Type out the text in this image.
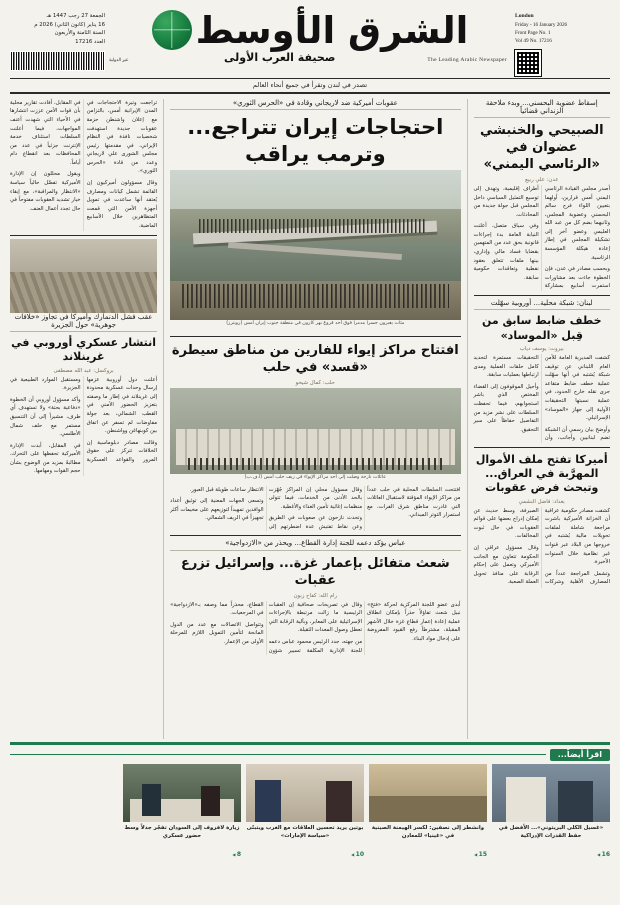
London
Friday - 16 January 2026
Front Page No. 1
Vol 49 No. 17216
الشرق الأوسط
The Leading Arabic Newspaper
صحيفة العرب الأولى
غير الدولية
الجمعة 27 رجب 1447 هـ
16 يناير (كانون الثاني) 2026 م
السنة الثامنة والأربعون
العدد 17216
تصدر في لندن وتقرأ في جميع أنحاء العالم
إسقاط عضوية البحسني... وبدء ملاحقة الزنداني قضائياً
الصبيحي والخنبشي عضوان في «الرئاسي اليمني»
عدن: علي ربيع

أصدر مجلس القيادة الرئاسي اليمني أمس قرارين، أولهما بتعيين اللواء فرج سالم البحسني وعضوية المجلس، وثانيهما بضم كل من عبد الله العليمي وعضو آخر إلى تشكيلة المجلس في إطار إعادة هيكلة المؤسسة الرئاسية.

وبحسب مصادر في عدن، فإن الخطوة جاءت بعد مشاورات استمرت أسابيع بمشاركة أطراف إقليمية، وتهدف إلى توسيع التمثيل السياسي داخل المجلس قبل جولة جديدة من المحادثات.

وفي سياق متصل، أعلنت النيابة العامة بدء إجراءات قانونية بحق عدد من المتهمين بقضايا فساد مالي وإداري، بينها ملفات تتعلق بعقود نفطية وتعاقدات حكومية سابقة.

لبنان: شبكة محلية... أوروبية سهّلت
خطف ضابط سابق من قِبل «الموساد»
بيروت: يوسف دياب

كشفت المديرية العامة للأمن العام اللبناني عن توقيف شبكة يُشتبه في أنها سهّلت عملية خطف ضابط متقاعد جرى نقله خارج الحدود، في عملية نسبتها التحقيقات الأولية إلى جهاز «الموساد» الإسرائيلي.

وأوضح بيان رسمي أن الشبكة تضم لبنانيين وأجانب، وأن التحقيقات مستمرة لتحديد كامل حلقات العملية ومدى ارتباطها بعمليات سابقة.

وأحيل الموقوفون إلى القضاء المختص الذي باشر استجوابهم، فيما تحفظت السلطات على نشر مزيد من التفاصيل حفاظاً على سير التحقيق.

أميركا تفتح ملف الأموال المهرَّبة في العراق... وتبحث فرض عقوبات
بغداد: فاضل النشمي

كشفت مصادر حكومية عراقية أن الخزانة الأميركية باشرت مراجعة شاملة لملفات تحويلات مالية يُشتبه في خروجها من البلاد عبر قنوات غير نظامية خلال السنوات الأخيرة.

وتشمل المراجعة عدداً من المصارف الأهلية وشركات الصيرفة، وسط حديث عن إمكان إدراج بعضها على قوائم العقوبات في حال ثبوت المخالفات.

وقال مسؤول عراقي إن الحكومة تتعاون مع الجانب الأميركي وتعمل على إحكام الرقابة على منافذ تحويل العملة الصعبة.

عقوبات أميركية ضد لاريجاني وقادة في «الحرس الثوري»
احتجاجات إيران تتراجع... وترمب يراقب
مئات يعبرون جسراً مدمراً فوق أحد فروع نهر كارون في منطقة جنوب إيران أمس (رويترز)
افتتاح مراكز إيواء للفارين من مناطق سيطرة «قسد» في حلب
حلب: كمال شيخو
عائلات نازحة وصلت إلى أحد مراكز الإيواء في ريف حلب أمس (أ.ف.ب)

افتتحت السلطات المحلية في حلب عدداً من مراكز الإيواء المؤقتة لاستقبال العائلات التي غادرت مناطق شرق الفرات، مع استمرار التوتر الميداني.

وقال مسؤول محلي إن المراكز جُهّزت بالحد الأدنى من الخدمات، فيما تتولى منظمات إغاثية تأمين الغذاء والأغطية.

وتحدث نازحون عن صعوبات في الطريق وعن نقاط تفتيش عدة اضطرتهم إلى الانتظار ساعات طويلة قبل العبور.

وتسعى الجهات المعنية إلى توثيق أعداد الوافدين تمهيداً لتوزيعهم على مخيمات أكثر تجهيزاً في الريف الشمالي.

عباس يؤكد دعمه للجنة إدارة القطاع... ويحذر من «الازدواجية»
شعث متفائل بإعمار غزة... وإسرائيل تزرع عقبات
رام الله: كفاح زبون

أبدى عضو اللجنة المركزية لحركة «فتح» نبيل شعث تفاؤلاً حذراً بإمكان انطلاق عملية إعادة إعمار قطاع غزة خلال الأشهر المقبلة، مشترطاً رفع القيود المفروضة على إدخال مواد البناء.

وقال في تصريحات صحافية إن العقبات الرئيسية ما زالت مرتبطة بالإجراءات الإسرائيلية على المعابر، وبآلية الرقابة التي تعطل وصول المعدات الثقيلة.

من جهته، جدد الرئيس محمود عباس دعمه للجنة الإدارية المكلفة تسيير شؤون القطاع، محذراً مما وصفه بـ«الازدواجية» في المرجعيات.

وتتواصل الاتصالات مع عدد من الدول المانحة لتأمين التمويل اللازم للمرحلة الأولى من الإعمار.

تراجعت وتيرة الاحتجاجات في المدن الإيرانية أمس، بالتزامن مع إعلان واشنطن حزمة عقوبات جديدة استهدفت شخصيات نافذة في النظام الإيراني، في مقدمتها رئيس مجلس الشورى علي لاريجاني وعدد من قادة «الحرس الثوري».

وقال مسؤولون أميركيون إن القائمة تشمل كيانات ومصارف يُعتقد أنها ساعدت في تمويل أجهزة الأمن التي قمعت المتظاهرين خلال الأسابيع الماضية.

في المقابل، أفادت تقارير محلية بأن قوات الأمن عززت انتشارها في الأحياء التي شهدت أعنف المواجهات، فيما أعلنت السلطات استئناف خدمة الإنترنت جزئياً في عدد من المحافظات بعد انقطاع دام أياماً.

ويقول محللون إن الإدارة الأميركية تفضّل حالياً سياسة «الانتظار والمراقبة»، مع إبقاء خيار تشديد العقوبات مفتوحاً في حال تجدد أعمال العنف.

عقب فشل الدنمارك وأميركا في تجاوز «خلافات جوهرية» حول الجزيرة
انتشار عسكري أوروبي في غرينلاند
بروكسل: عبد الله مصطفى

أعلنت دول أوروبية عزمها إرسال وحدات عسكرية محدودة إلى غرينلاند في إطار ما وصفته بتعزيز الحضور الأمني في القطب الشمالي، بعد جولة مفاوضات لم تسفر عن اتفاق بين كوبنهاغن وواشنطن.

وقالت مصادر دبلوماسية إن الخلافات تتركز على حقوق المرور والقواعد العسكرية ومستقبل الموارد الطبيعية في الجزيرة.

وأكد مسؤول أوروبي أن الخطوة «دفاعية بحتة» ولا تستهدف أي طرف، مشيراً إلى أن التنسيق مستمر مع حلف شمال الأطلسي.

في المقابل، أبدت الإدارة الأميركية تحفظها على التحرك، مطالبةً بمزيد من الوضوح بشأن حجم القوات ومهامها.

اقرأ أيضاً...

«غسيل الكلى البريتوني»... الأفضل في حفظ القدرات الإدراكية

16 ◀

وانشطر إلى نصفين: لكسر الهيمنة الصينية في «غينيا» للمعادن

15 ◀

بوتين يريد تحسين العلاقات مع الغرب ويتبنّى «سياسة الإمارات»

10 ◀

زيارة لافروف إلى السودان تفجّر جدلاً وسط حضور عسكري

8 ◀
